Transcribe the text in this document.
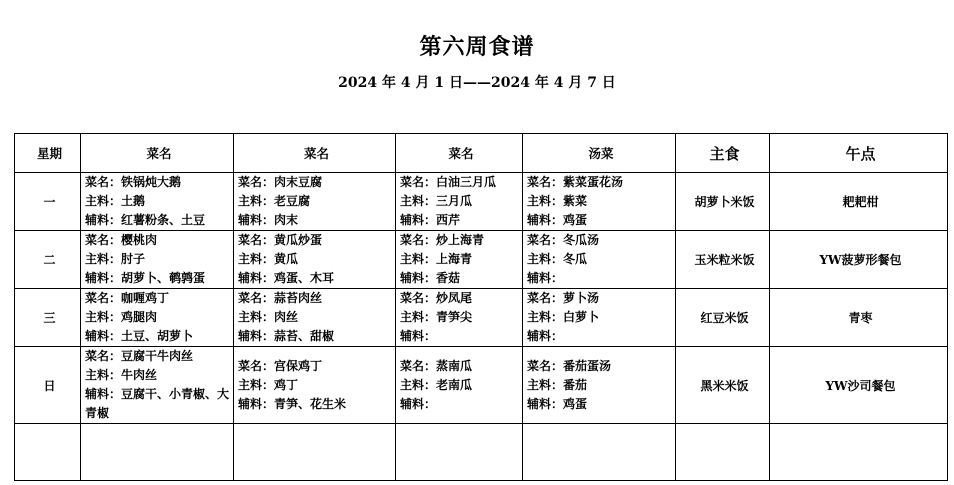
第六周食谱
2024 年 4 月 1 日——2024 年 4 月 7 日
星期	菜名	菜名	菜名	汤菜	主食	午点
一	菜名：铁锅炖大鹅
主料：土鹅
辅料：红薯粉条、土豆	菜名：肉末豆腐
主料：老豆腐
辅料：肉末	菜名：白油三月瓜
主料：三月瓜
辅料：西芹	菜名：紫菜蛋花汤
主料：紫菜
辅料：鸡蛋	胡萝卜米饭	耙耙柑
二	菜名：樱桃肉
主料：肘子
辅料：胡萝卜、鹌鹑蛋	菜名：黄瓜炒蛋
主料：黄瓜
辅料：鸡蛋、木耳	菜名：炒上海青
主料：上海青
辅料：香菇	菜名：冬瓜汤
主料：冬瓜
辅料：	玉米粒米饭	YW菠萝形餐包
三	菜名：咖喱鸡丁
主料：鸡腿肉
辅料：土豆、胡萝卜	菜名：蒜苔肉丝
主料：肉丝
辅料：蒜苔、甜椒	菜名：炒凤尾
主料：青笋尖
辅料：	菜名：萝卜汤
主料：白萝卜
辅料：	红豆米饭	青枣
日	菜名：豆腐干牛肉丝
主料：牛肉丝
辅料：豆腐干、小青椒、大青椒	菜名：宫保鸡丁
主料：鸡丁
辅料：青笋、花生米	菜名：蒸南瓜
主料：老南瓜
辅料：	菜名：番茄蛋汤
主料：番茄
辅料：鸡蛋	黑米米饭	YW沙司餐包
